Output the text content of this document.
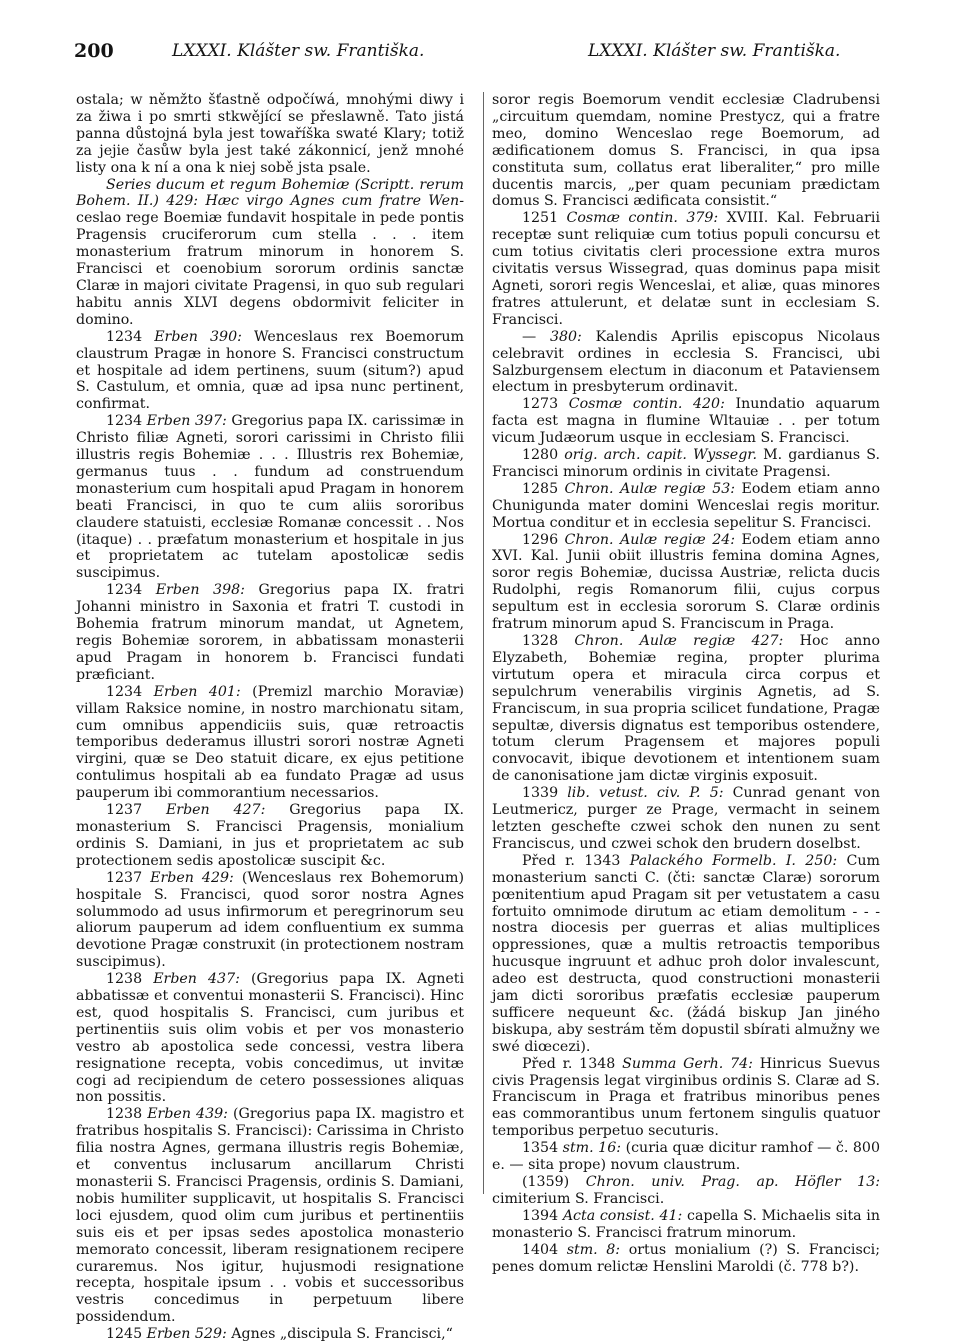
200	LXXXI. Klášter sw. Františka.	LXXXI. Klášter sw. Františka.

ostala; w němžto šťastně odpočíwá, mnohými diwy i za žiwa i po smrti stkwějící se přeslawně. Tato jistá panna důstojná byla jest towaříška swaté Klary; totiž za jejie časůw byla jest také zákonnicí, jenž mnohé listy ona k ní a ona k niej sobě jsta psale.

Series ducum et regum Bohemiæ (Scriptt. rerum Bohem. II.) 429: Hæc virgo Agnes cum fratre Wen- ceslao rege Boemiæ fundavit hospitale in pede pontis Pragensis cruciferorum cum stella . . . item monasterium fratrum minorum in honorem S. Francisci et coenobium sororum ordinis sanctæ Claræ in majori civitate Pragensi, in quo sub regulari habitu annis XLVI degens obdormivit feliciter in domino.

1234 Erben 390: Wenceslaus rex Boemorum claustrum Pragæ in honore S. Francisci constructum et hospitale ad idem pertinens, suum (situm?) apud S. Castulum, et omnia, quæ ad ipsa nunc pertinent, confirmat.

1234 Erben 397: Gregorius papa IX. carissimæ in Christo filiæ Agneti, sorori carissimi in Christo filii illustris regis Bohemiæ . . . Illustris rex Bohemiæ, germanus tuus . . fundum ad construendum monasterium cum hospitali apud Pragam in honorem beati Francisci, in quo te cum aliis sororibus claudere statuisti, ecclesiæ Romanæ concessit . . Nos (itaque) . . præfatum monasterium et hospitale in jus et proprietatem ac tutelam apostolicæ sedis suscipimus.

1234 Erben 398: Gregorius papa IX. fratri Johanni ministro in Saxonia et fratri T. custodi in Bohemia fratrum minorum mandat, ut Agnetem, regis Bohemiæ sororem, in abbatissam monasterii apud Pragam in honorem b. Francisci fundati præficiant.

1234 Erben 401: (Premizl marchio Moraviæ) villam Raksice nomine, in nostro marchionatu sitam, cum omnibus appendiciis suis, quæ retroactis temporibus dederamus illustri sorori nostræ Agneti virgini, quæ se Deo statuit dicare, ex ejus petitione contulimus hospitali ab ea fundato Pragæ ad usus pauperum ibi commorantium necessarios.

1237 Erben 427: Gregorius papa IX. monasterium S. Francisci Pragensis, monialium ordinis S. Damiani, in jus et proprietatem ac sub protectionem sedis apostolicæ suscipit &c.

1237 Erben 429: (Wenceslaus rex Bohemorum) hospitale S. Francisci, quod soror nostra Agnes solummodo ad usus infirmorum et peregrinorum seu aliorum pauperum ad idem confluentium ex summa devotione Pragæ construxit (in protectionem nostram suscipimus).

1238 Erben 437: (Gregorius papa IX. Agneti abbatissæ et conventui monasterii S. Francisci). Hinc est, quod hospitalis S. Francisci, cum juribus et pertinentiis suis olim vobis et per vos monasterio vestro ab apostolica sede concessi, vestra libera resignatione recepta, vobis concedimus, ut invitæ cogi ad recipiendum de cetero possessiones aliquas non possitis.

1238 Erben 439: (Gregorius papa IX. magistro et fratribus hospitalis S. Francisci): Carissima in Christo filia nostra Agnes, germana illustris regis Bohemiæ, et conventus inclusarum ancillarum Christi monasterii S. Francisci Pragensis, ordinis S. Damiani, nobis humiliter supplicavit, ut hospitalis S. Francisci loci ejusdem, quod olim cum juribus et pertinentiis suis eis et per ipsas sedes apostolica monasterio memorato concessit, liberam resignationem recipere curaremus. Nos igitur, hujusmodi resignatione recepta, hospitale ipsum . . vobis et successoribus vestris concedimus in perpetuum libere possidendum.

1245 Erben 529: Agnes „discipula S. Francisci,“

soror regis Boemorum vendit ecclesiæ Cladrubensi „circuitum quemdam, nomine Prestycz, qui a fratre meo, domino Wenceslao rege Boemorum, ad ædificationem domus S. Francisci, in qua ipsa constituta sum, collatus erat liberaliter,“ pro mille ducentis marcis, „per quam pecuniam prædictam domus S. Francisci ædificata consistit.“

1251 Cosmæ contin. 379: XVIII. Kal. Februarii receptæ sunt reliquiæ cum totius populi concursu et cum totius civitatis cleri processione extra muros civitatis versus Wissegrad, quas dominus papa misit Agneti, sorori regis Wenceslai, et aliæ, quas minores fratres attulerunt, et delatæ sunt in ecclesiam S. Francisci.

— 380: Kalendis Aprilis episcopus Nicolaus celebravit ordines in ecclesia S. Francisci, ubi Salzburgensem electum in diaconum et Pataviensem electum in presbyterum ordinavit.

1273 Cosmæ contin. 420: Inundatio aquarum facta est magna in flumine Wltauiæ . . per totum vicum Judæorum usque in ecclesiam S. Francisci.

1280 orig. arch. capit. Wyssegr. M. gardianus S. Francisci minorum ordinis in civitate Pragensi.

1285 Chron. Aulæ regiæ 53: Eodem etiam anno Chunigunda mater domini Wenceslai regis moritur. Mortua conditur et in ecclesia sepelitur S. Francisci.

1296 Chron. Aulæ regiæ 24: Eodem etiam anno XVI. Kal. Junii obiit illustris femina domina Agnes, soror regis Bohemiæ, ducissa Austriæ, relicta ducis Rudolphi, regis Romanorum filii, cujus corpus sepultum est in ecclesia sororum S. Claræ ordinis fratrum minorum apud S. Franciscum in Praga.

1328 Chron. Aulæ regiæ 427: Hoc anno Elyzabeth, Bohemiæ regina, propter plurima virtutum opera et miracula circa corpus et sepulchrum venerabilis virginis Agnetis, ad S. Franciscum, in sua propria scilicet fundatione, Pragæ sepultæ, diversis dignatus est temporibus ostendere, totum clerum Pragensem et majores populi convocavit, ibique devotionem et intentionem suam de canonisatione jam dictæ virginis exposuit.

1339 lib. vetust. civ. P. 5: Cunrad genant von Leutmericz, purger ze Prage, vermacht in seinem letzten geschefte czwei schok den nunen zu sent Franciscus, und czwei schok den brudern doselbst.

Před r. 1343 Palackého Formelb. I. 250: Cum monasterium sancti C. (čti: sanctæ Claræ) sororum pœnitentium apud Pragam sit per vetustatem a casu fortuito omnimode dirutum ac etiam demolitum - - - nostra diocesis per guerras et alias multiplices oppressiones, quæ a multis retroactis temporibus hucusque ingruunt et adhuc proh dolor invalescunt, adeo est destructa, quod constructioni monasterii jam dicti sororibus præfatis ecclesiæ pauperum sufficere nequeunt &c. (žádá biskup Jan jiného biskupa, aby sestrám těm dopustil sbírati almužny we swé diœcezi).

Před r. 1348 Summa Gerh. 74: Hinricus Suevus civis Pragensis legat virginibus ordinis S. Claræ ad S. Franciscum in Praga et fratribus minoribus penes eas commorantibus unum fertonem singulis quatuor temporibus perpetuo secuturis.

1354 stm. 16: (curia quæ dicitur ramhof — č. 800 e. — sita prope) novum claustrum.

(1359) Chron. univ. Prag. ap. Höfler 13: cimiterium S. Francisci.

1394 Acta consist. 41: capella S. Michaelis sita in monasterio S. Francisci fratrum minorum.

1404 stm. 8: ortus monialium (?) S. Francisci; penes domum relictæ Henslini Maroldi (č. 778 b?).
